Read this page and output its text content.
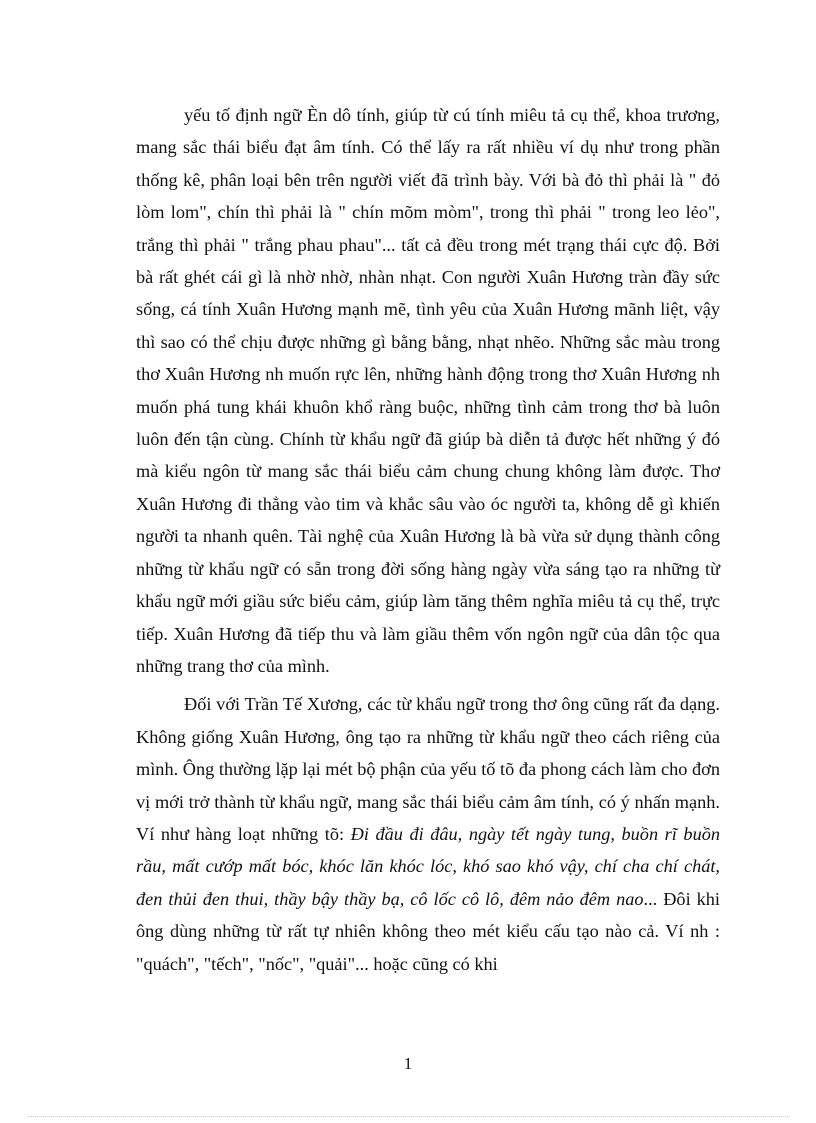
yếu tố định ngữ Èn dô tính, giúp từ cú tính miêu tả cụ thể, khoa trương, mang sắc thái biểu đạt âm tính. Có thể lấy ra rất nhiều ví dụ như trong phần thống kê, phân loại bên trên người viết đã trình bày. Với bà đỏ thì phải là " đỏ lòm lom", chín thì phải là " chín mõm mòm", trong thì phải " trong leo lẻo", trắng thì phải " trắng phau phau"... tất cả đều trong mét trạng thái cực độ. Bởi bà rất ghét cái gì là nhờ nhờ, nhàn nhạt. Con người Xuân Hương tràn đầy sức sống, cá tính Xuân Hương mạnh mẽ, tình yêu của Xuân Hương mãnh liệt, vậy thì sao có thể chịu được những gì bằng bằng, nhạt nhẽo. Những sắc màu trong thơ Xuân Hương nh muốn rực lên, những hành động trong thơ Xuân Hương nh muốn phá tung khái khuôn khổ ràng buộc, những tình cảm trong thơ bà luôn luôn đến tận cùng. Chính từ khẩu ngữ đã giúp bà diễn tả được hết những ý đó mà kiểu ngôn từ mang sắc thái biểu cảm chung chung không làm được. Thơ Xuân Hương đi thẳng vào tim và khắc sâu vào óc người ta, không dễ gì khiến người ta nhanh quên. Tài nghệ của Xuân Hương là bà vừa sử dụng thành công những từ khẩu ngữ có sẵn trong đời sống hàng ngày vừa sáng tạo ra những từ khẩu ngữ mới giầu sức biểu cảm, giúp làm tăng thêm nghĩa miêu tả cụ thể, trực tiếp. Xuân Hương đã tiếp thu và làm giầu thêm vốn ngôn ngữ của dân tộc qua những trang thơ của mình.

Đối với Trần Tế Xương, các từ khẩu ngữ trong thơ ông cũng rất đa dạng. Không giống Xuân Hương, ông tạo ra những từ khẩu ngữ theo cách riêng của mình. Ông thường lặp lại mét bộ phận của yếu tố tõ đa phong cách làm cho đơn vị mới trở thành từ khẩu ngữ, mang sắc thái biểu cảm âm tính, có ý nhấn mạnh. Ví như hàng loạt những tõ: Đi đầu đi đâu, ngày tết ngày tung, buồn rĩ buồn rầu, mất cướp mất bóc, khóc lăn khóc lóc, khó sao khó vậy, chí cha chí chát, đen thủi đen thui, thầy bậy thầy bạ, cô lốc cô lô, đêm nảo đêm nao... Đôi khi ông dùng những từ rất tự nhiên không theo mét kiểu cấu tạo nào cả. Ví nh : "quách", "tếch", "nốc", "quải"... hoặc cũng có khi

1
